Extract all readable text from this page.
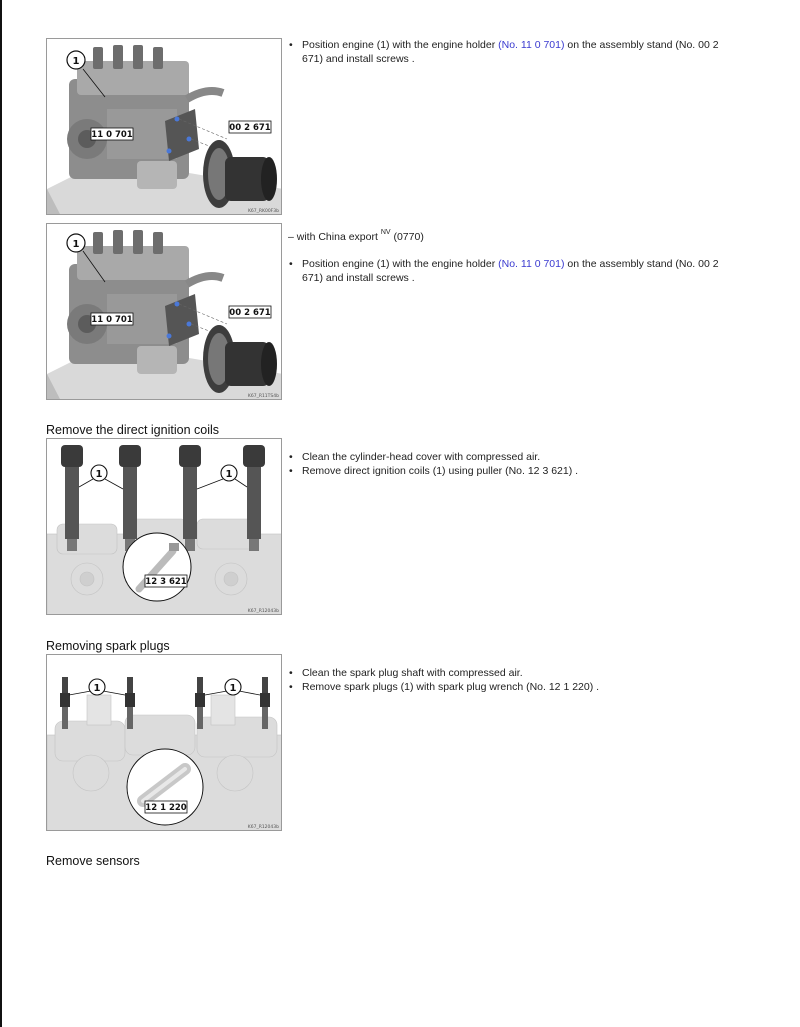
1
11 0 701
00 2 671
K67_RK00F3b
• Position engine (1) with the engine holder (No. 11 0 701) on the assembly stand (No. 00 2
671) and install screws .
1
11 0 701
00 2 671
K67_R11TS4b
– with China export $^{NV}$ (0770)
• Position engine (1) with the engine holder (No. 11 0 701) on the assembly stand (No. 00 2
671) and install screws .
Remove the direct ignition coils
1	1
12 3 621
K67_R12043b
• Clean the cylinder-head cover with compressed air.
• Remove direct ignition coils (1) using puller (No. 12 3 621) .
Removing spark plugs
1	1
12 1 220
K67_R12043b
• Clean the spark plug shaft with compressed air.
• Remove spark plugs (1) with spark plug wrench (No. 12 1 220) .
Remove sensors
